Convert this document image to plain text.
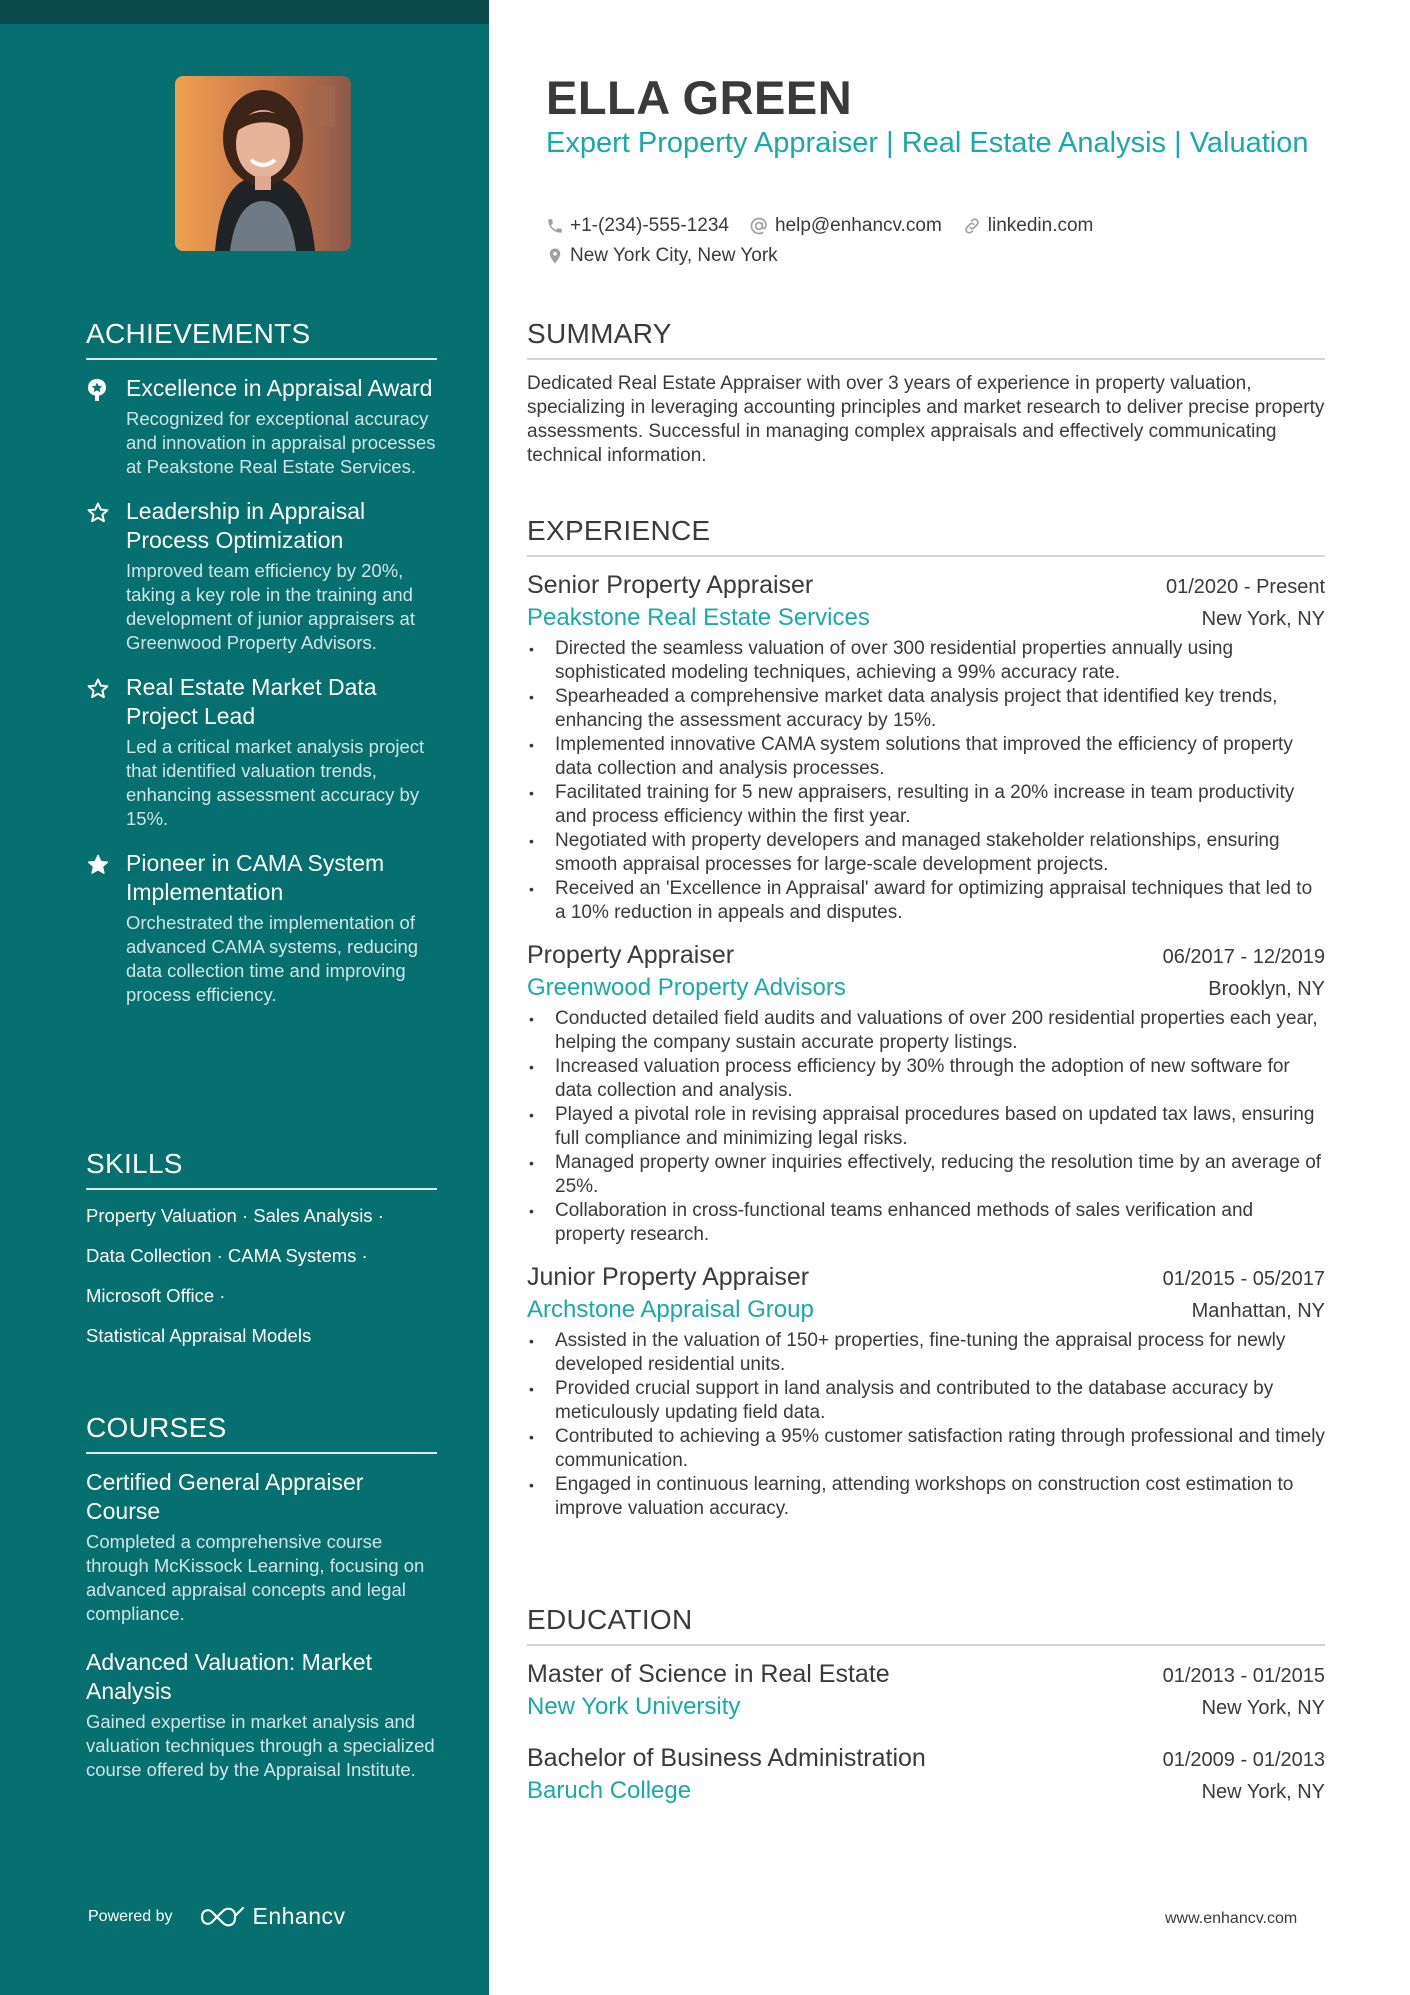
ACHIEVEMENTS
Excellence in Appraisal Award
Recognized for exceptional accuracy and innovation in appraisal processes at Peakstone Real Estate Services.
Leadership in Appraisal Process Optimization
Improved team efficiency by 20%, taking a key role in the training and development of junior appraisers at Greenwood Property Advisors.
Real Estate Market Data Project Lead
Led a critical market analysis project that identified valuation trends, enhancing assessment accuracy by 15%.
Pioneer in CAMA System Implementation
Orchestrated the implementation of advanced CAMA systems, reducing data collection time and improving process efficiency.
SKILLS
Property Valuation · Sales Analysis ·
Data Collection · CAMA Systems ·
Microsoft Office ·
Statistical Appraisal Models
COURSES
Certified General Appraiser Course
Completed a comprehensive course through McKissock Learning, focusing on advanced appraisal concepts and legal compliance.
Advanced Valuation: Market Analysis
Gained expertise in market analysis and valuation techniques through a specialized course offered by the Appraisal Institute.
Powered by	Enhancv
ELLA GREEN
Expert Property Appraiser | Real Estate Analysis | Valuation
+1-(234)-555-1234 help@enhancv.com linkedin.com
New York City, New York
SUMMARY

Dedicated Real Estate Appraiser with over 3 years of experience in property valuation, specializing in leveraging accounting principles and market research to deliver precise property assessments. Successful in managing complex appraisals and effectively communicating technical information.

EXPERIENCE
Senior Property Appraiser	01/2020 - Present
Peakstone Real Estate Services	New York, NY
• Directed the seamless valuation of over 300 residential properties annually using sophisticated modeling techniques, achieving a 99% accuracy rate.
• Spearheaded a comprehensive market data analysis project that identified key trends, enhancing the assessment accuracy by 15%.
• Implemented innovative CAMA system solutions that improved the efficiency of property data collection and analysis processes.
• Facilitated training for 5 new appraisers, resulting in a 20% increase in team productivity and process efficiency within the first year.
• Negotiated with property developers and managed stakeholder relationships, ensuring smooth appraisal processes for large-scale development projects.
• Received an 'Excellence in Appraisal' award for optimizing appraisal techniques that led to a 10% reduction in appeals and disputes.
Property Appraiser	06/2017 - 12/2019
Greenwood Property Advisors	Brooklyn, NY
• Conducted detailed field audits and valuations of over 200 residential properties each year, helping the company sustain accurate property listings.
• Increased valuation process efficiency by 30% through the adoption of new software for data collection and analysis.
• Played a pivotal role in revising appraisal procedures based on updated tax laws, ensuring full compliance and minimizing legal risks.
• Managed property owner inquiries effectively, reducing the resolution time by an average of 25%.
• Collaboration in cross-functional teams enhanced methods of sales verification and property research.
Junior Property Appraiser	01/2015 - 05/2017
Archstone Appraisal Group	Manhattan, NY
• Assisted in the valuation of 150+ properties, fine-tuning the appraisal process for newly developed residential units.
• Provided crucial support in land analysis and contributed to the database accuracy by meticulously updating field data.
• Contributed to achieving a 95% customer satisfaction rating through professional and timely communication.
• Engaged in continuous learning, attending workshops on construction cost estimation to improve valuation accuracy.
EDUCATION
Master of Science in Real Estate	01/2013 - 01/2015
New York University	New York, NY
Bachelor of Business Administration	01/2009 - 01/2013
Baruch College	New York, NY
www.enhancv.com
